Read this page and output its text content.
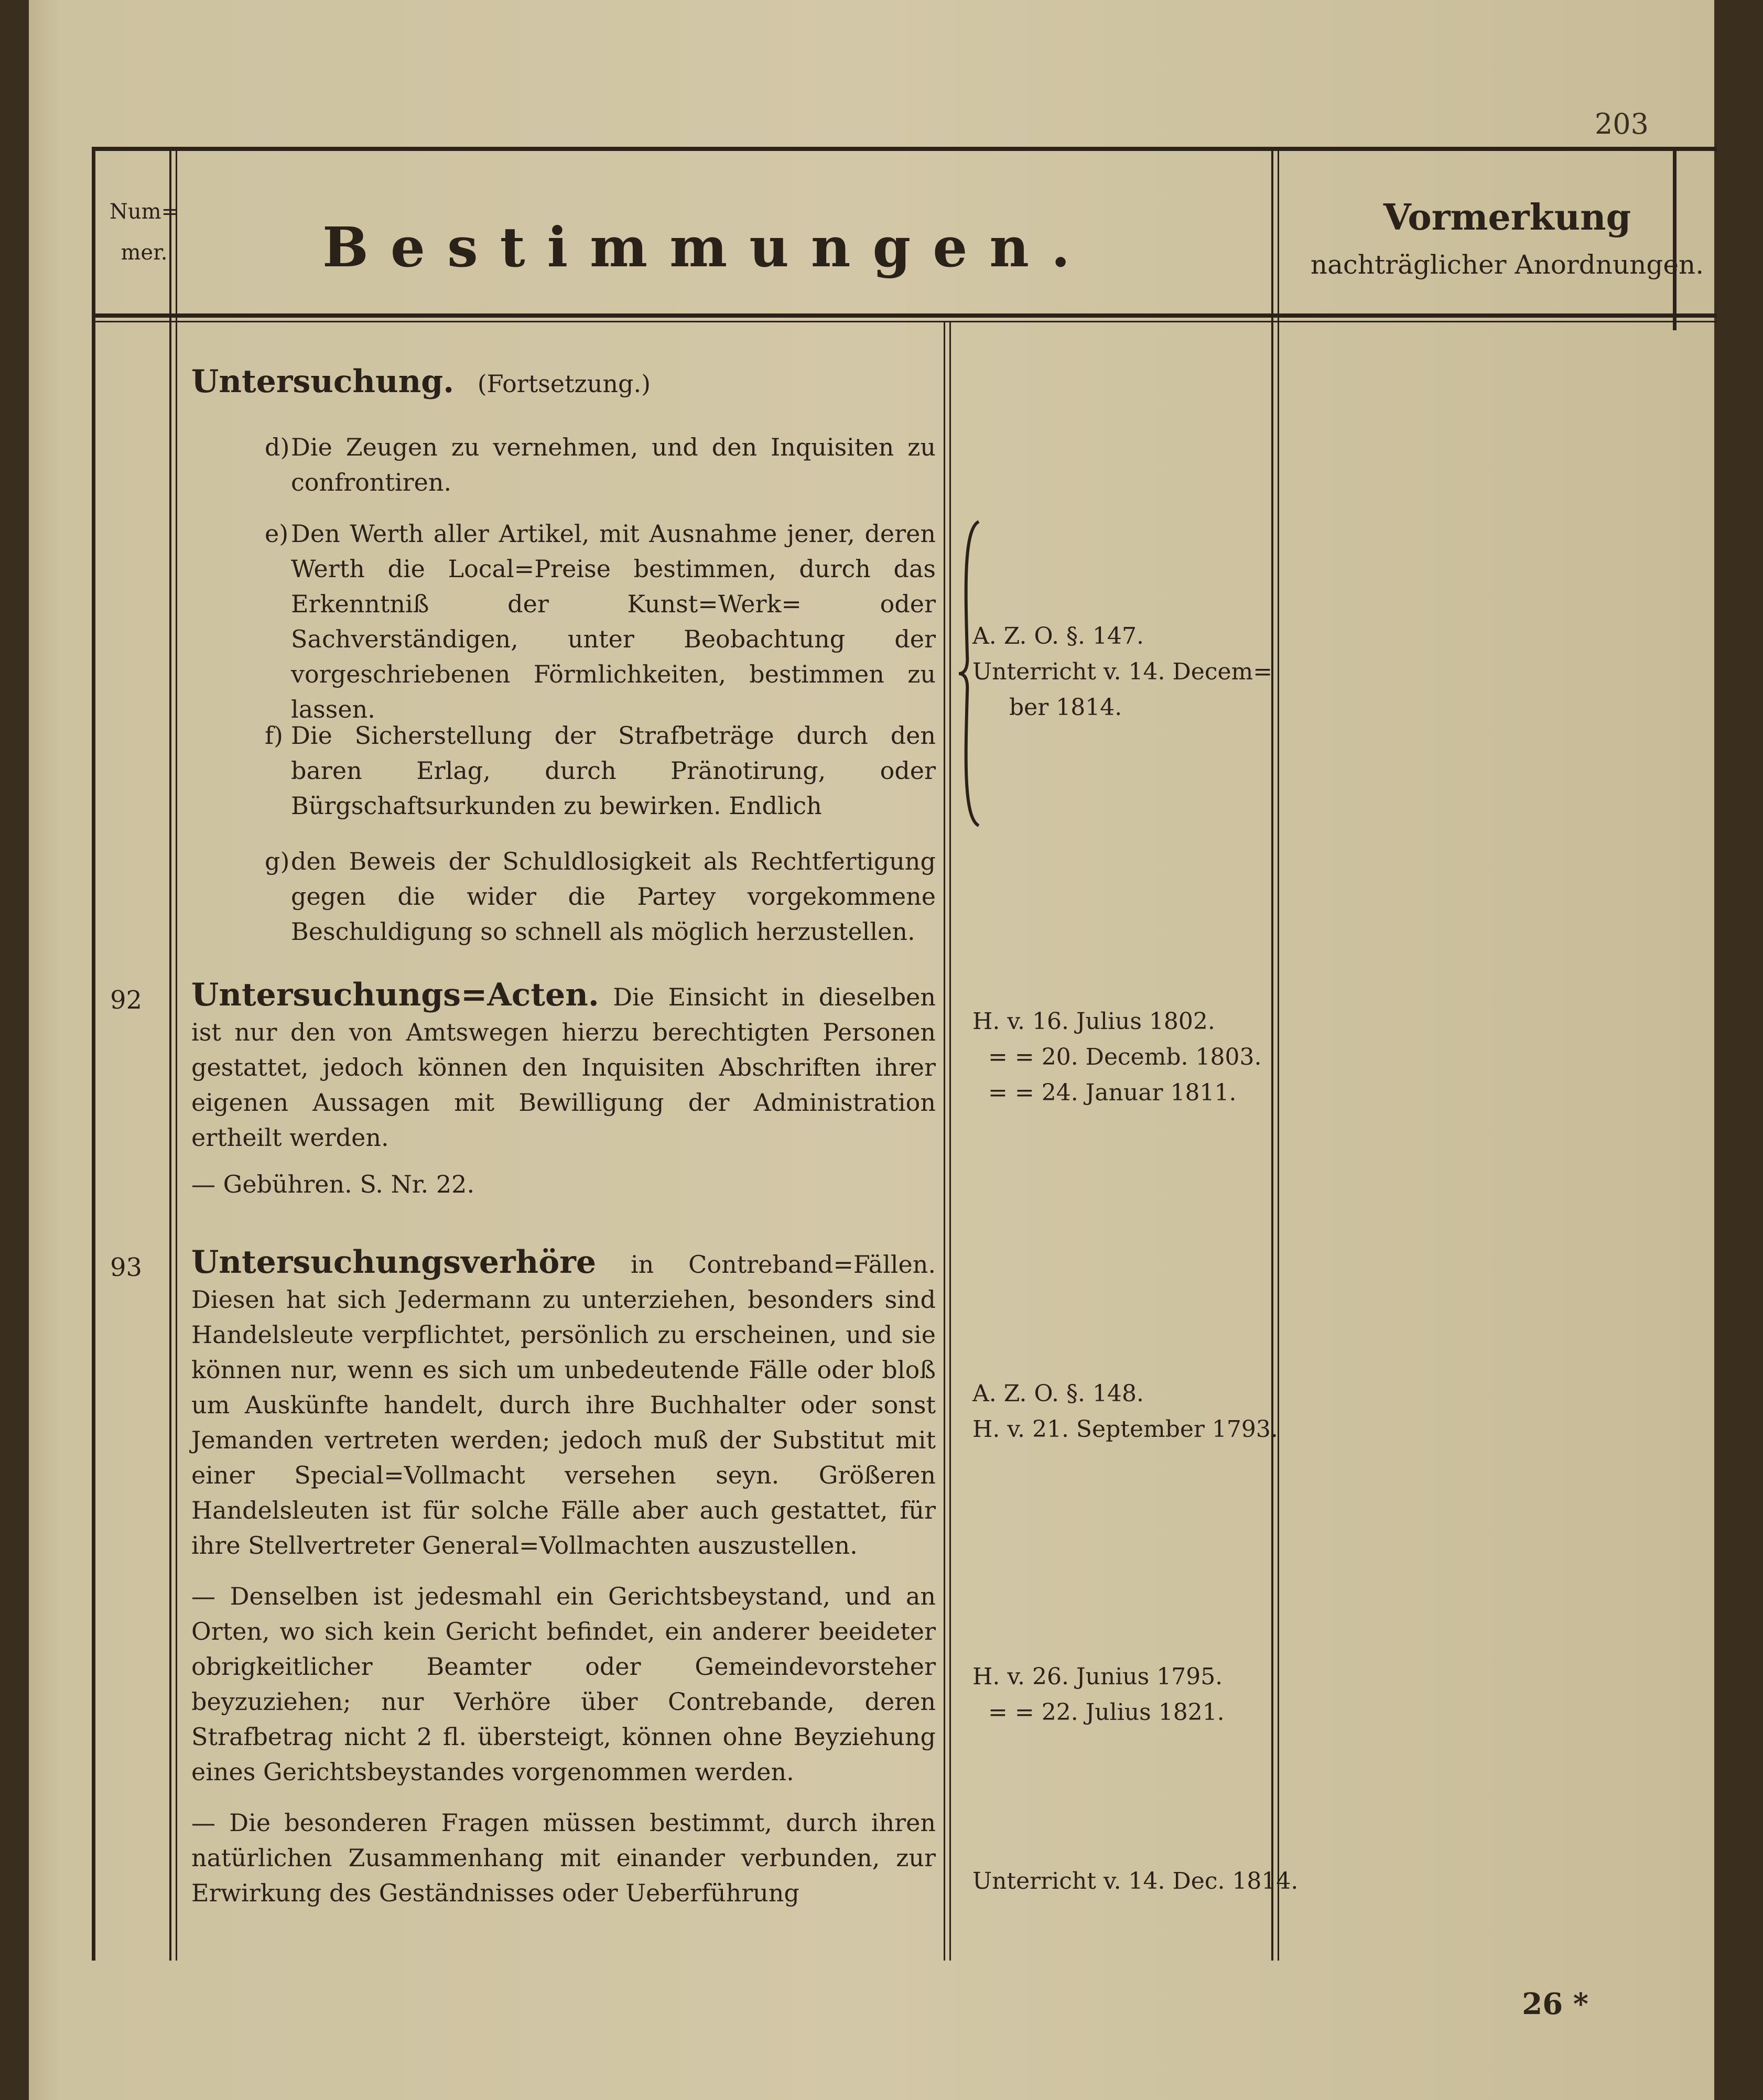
203
Num=
mer.	Bestimmungen.	Vormerkung
nachträglicher Anordnungen.
Untersuchung. (Fortsetzung.)
d) Die Zeugen zu vernehmen, und den Inquisiten zu confrontiren.
e) Den Werth aller Artikel, mit Ausnahme jener, deren Werth die Local=Preise bestimmen, durch das Erkenntniß der Kunst=Werk= oder Sachverständigen, unter Beobachtung der vorgeschriebenen Förmlichkeiten, bestimmen zu lassen.
f) Die Sicherstellung der Strafbeträge durch den baren Erlag, durch Pränotirung, oder Bürgschaftsurkunden zu bewirken. Endlich
g) den Beweis der Schuldlosigkeit als Rechtfertigung gegen die wider die Partey vorgekommene Beschuldigung so schnell als möglich herzustellen.
A. Z. O. §. 147.
Unterricht v. 14. Decem=
ber 1814.
92 Untersuchungs=Acten. Die Einsicht in dieselben ist nur den von Amtswegen hierzu berechtigten Personen gestattet, jedoch können den Inquisiten Abschriften ihrer eigenen Aussagen mit Bewilligung der Administration ertheilt werden.

— Gebühren. S. Nr. 22.

H. v. 16. Julius 1802.
= = 20. Decemb. 1803.
= = 24. Januar 1811.
93 Untersuchungsverhöre in Contreband=Fällen. Diesen hat sich Jedermann zu unterziehen, besonders sind Handelsleute verpflichtet, persönlich zu erscheinen, und sie können nur, wenn es sich um unbedeutende Fälle oder bloß um Auskünfte handelt, durch ihre Buchhalter oder sonst Jemanden vertreten werden; jedoch muß der Substitut mit einer Special=Vollmacht versehen seyn. Größeren Handelsleuten ist für solche Fälle aber auch gestattet, für ihre Stellvertreter General=Vollmachten auszustellen.

— Denselben ist jedesmahl ein Gerichtsbeystand, und an Orten, wo sich kein Gericht befindet, ein anderer beeideter obrigkeitlicher Beamter oder Gemeindevorsteher beyzuziehen; nur Verhöre über Contrebande, deren Strafbetrag nicht 2 fl. übersteigt, können ohne Beyziehung eines Gerichtsbeystandes vorgenommen werden.

— Die besonderen Fragen müssen bestimmt, durch ihren natürlichen Zusammenhang mit einander verbunden, zur Erwirkung des Geständnisses oder Ueberführung

A. Z. O. §. 148.
H. v. 21. September 1793.
H. v. 26. Junius 1795.
= = 22. Julius 1821.
Unterricht v. 14. Dec. 1814.
26 *
